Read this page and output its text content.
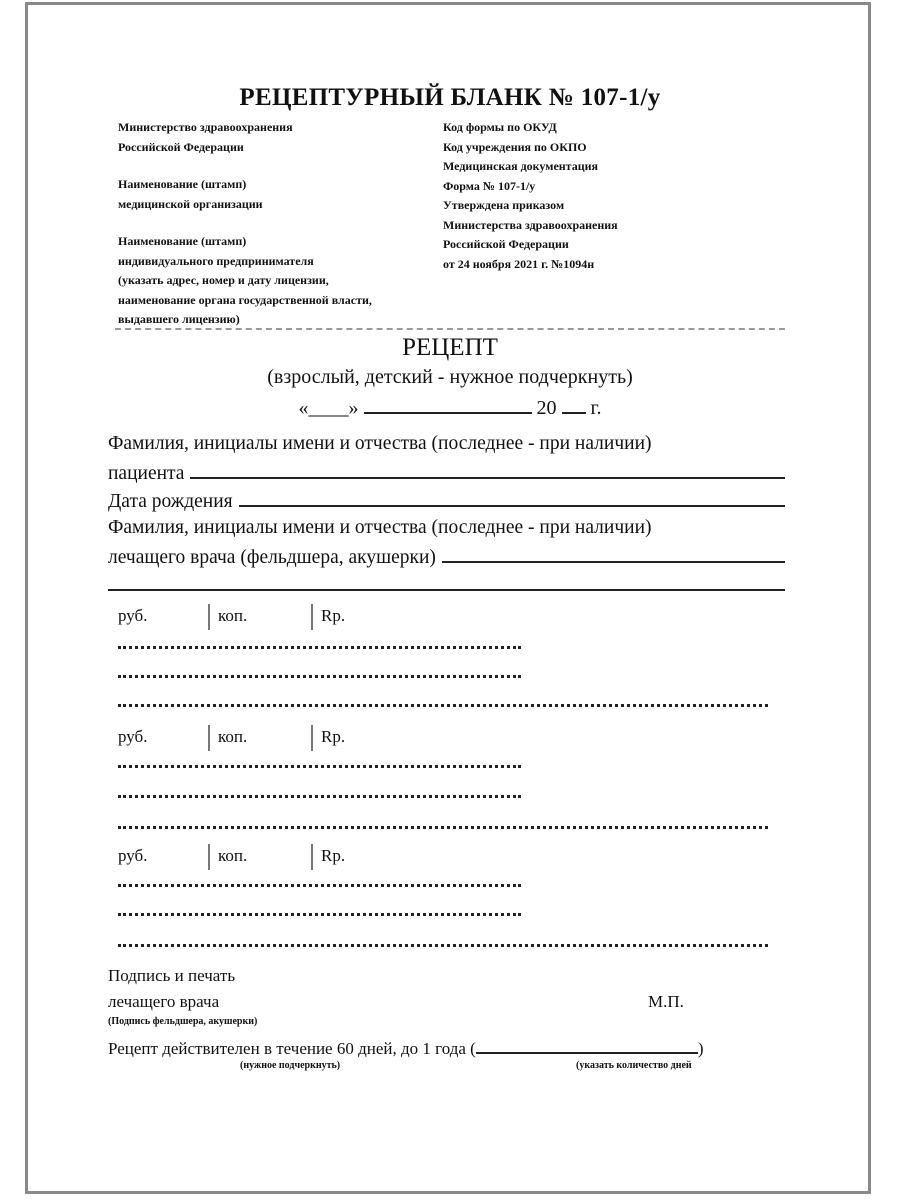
РЕЦЕПТУРНЫЙ БЛАНК № 107-1/у
Министерство здравоохранения
Российской Федерации
Наименование (штамп)
медицинской организации
Наименование (штамп)
индивидуального предпринимателя
(указать адрес, номер и дату лицензии,
наименование органа государственной власти,
выдавшего лицензию)
Код формы по ОКУД
Код учреждения по ОКПО
Медицинская документация
Форма № 107-1/у
Утверждена приказом
Министерства здравоохранения
Российской Федерации
от 24 ноября 2021 г. №1094н
РЕЦЕПТ
(взрослый, детский - нужное подчеркнуть)
«____»	20 г.
Фамилия, инициалы имени и отчества (последнее - при наличии)
пациента
Дата рождения
Фамилия, инициалы имени и отчества (последнее - при наличии)
лечащего врача (фельдшера, акушерки)
руб.	коп.	Rp.
руб.	коп.	Rp.
руб.	коп.	Rp.
Подпись и печать
лечащего врача	М.П.
(Подпись фельдшера, акушерки)
Рецепт действителен в течение 60 дней, до 1 года (	)
(нужное подчеркнуть)	(указать количество дней
